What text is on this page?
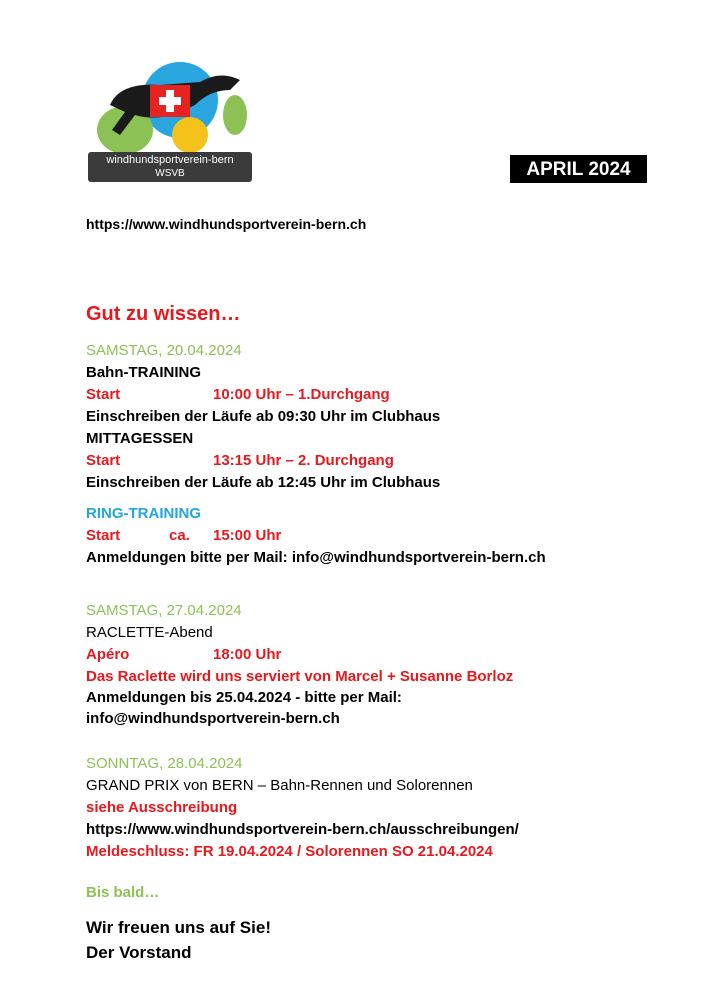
windhundsportverein-bern
WSVB	APRIL 2024
https://www.windhundsportverein-bern.ch
Gut zu wissen…
SAMSTAG, 20.04.2024
Bahn-TRAINING
Start	10:00 Uhr – 1.Durchgang
Einschreiben der Läufe ab 09:30 Uhr im Clubhaus
MITTAGESSEN
Start	13:15 Uhr – 2. Durchgang
Einschreiben der Läufe ab 12:45 Uhr im Clubhaus
RING-TRAINING
Start	ca. 15:00 Uhr
Anmeldungen bitte per Mail: info@windhundsportverein-bern.ch
SAMSTAG, 27.04.2024
RACLETTE-Abend
Apéro	18:00 Uhr
Das Raclette wird uns serviert von Marcel + Susanne Borloz
Anmeldungen bis 25.04.2024 - bitte per Mail:
info@windhundsportverein-bern.ch
SONNTAG, 28.04.2024
GRAND PRIX von BERN – Bahn-Rennen und Solorennen
siehe Ausschreibung
https://www.windhundsportverein-bern.ch/ausschreibungen/
Meldeschluss: FR 19.04.2024 / Solorennen SO 21.04.2024
Bis bald…
Wir freuen uns auf Sie!
Der Vorstand
